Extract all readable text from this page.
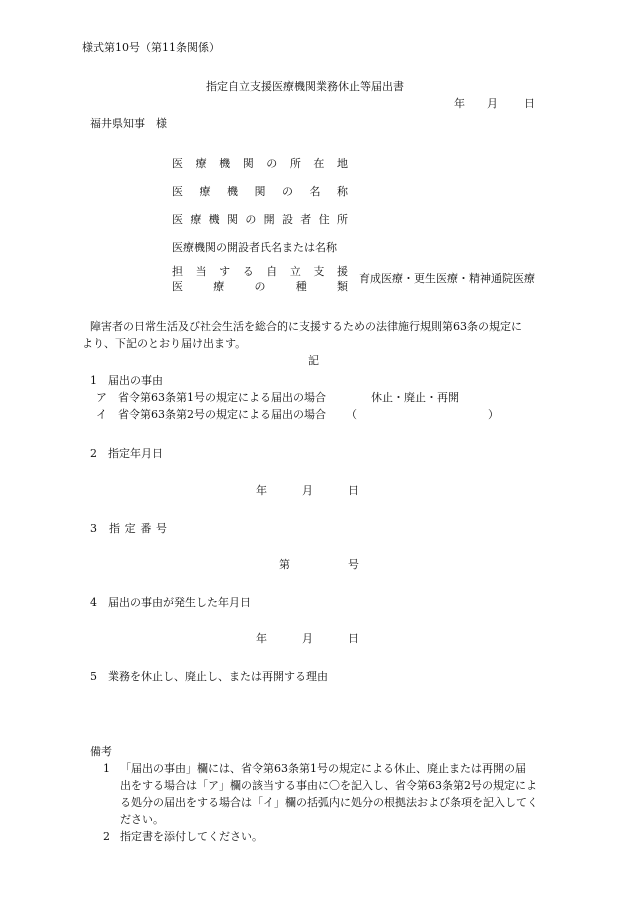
様式第10号（第11条関係）
指定自立支援医療機関業務休止等届出書
年 月 日
福井県知事　様
医 療 機 関 の 所 在 地
医 療 機 関 の 名 称
医 療 機 関 の 開 設 者 住 所
医療機関の開設者氏名または名称
担 当 す る 自 立 支 援
医	療	の	種	類
育成医療・更生医療・精神通院医療
障害者の日常生活及び社会生活を総合的に支援するための法律施行規則第63条の規定に
より、下記のとおり届け出ます。
記
1　届出の事由
ア　省令第63条第1号の規定による届出の場合	休止・廃止・再開
イ　省令第63条第2号の規定による届出の場合 （	）
2　指定年月日
年	月	日
3 指 定 番 号
第	号
4　届出の事由が発生した年月日
年	月	日
5　業務を休止し、廃止し、または再開する理由
備考
1 「届出の事由」欄には、省令第63条第1号の規定による休止、廃止または再開の届
出をする場合は「ア」欄の該当する事由に〇を記入し、省令第63条第2号の規定によ
る処分の届出をする場合は「イ」欄の括弧内に処分の根拠法および条項を記入してく
ださい。
2 指定書を添付してください。
